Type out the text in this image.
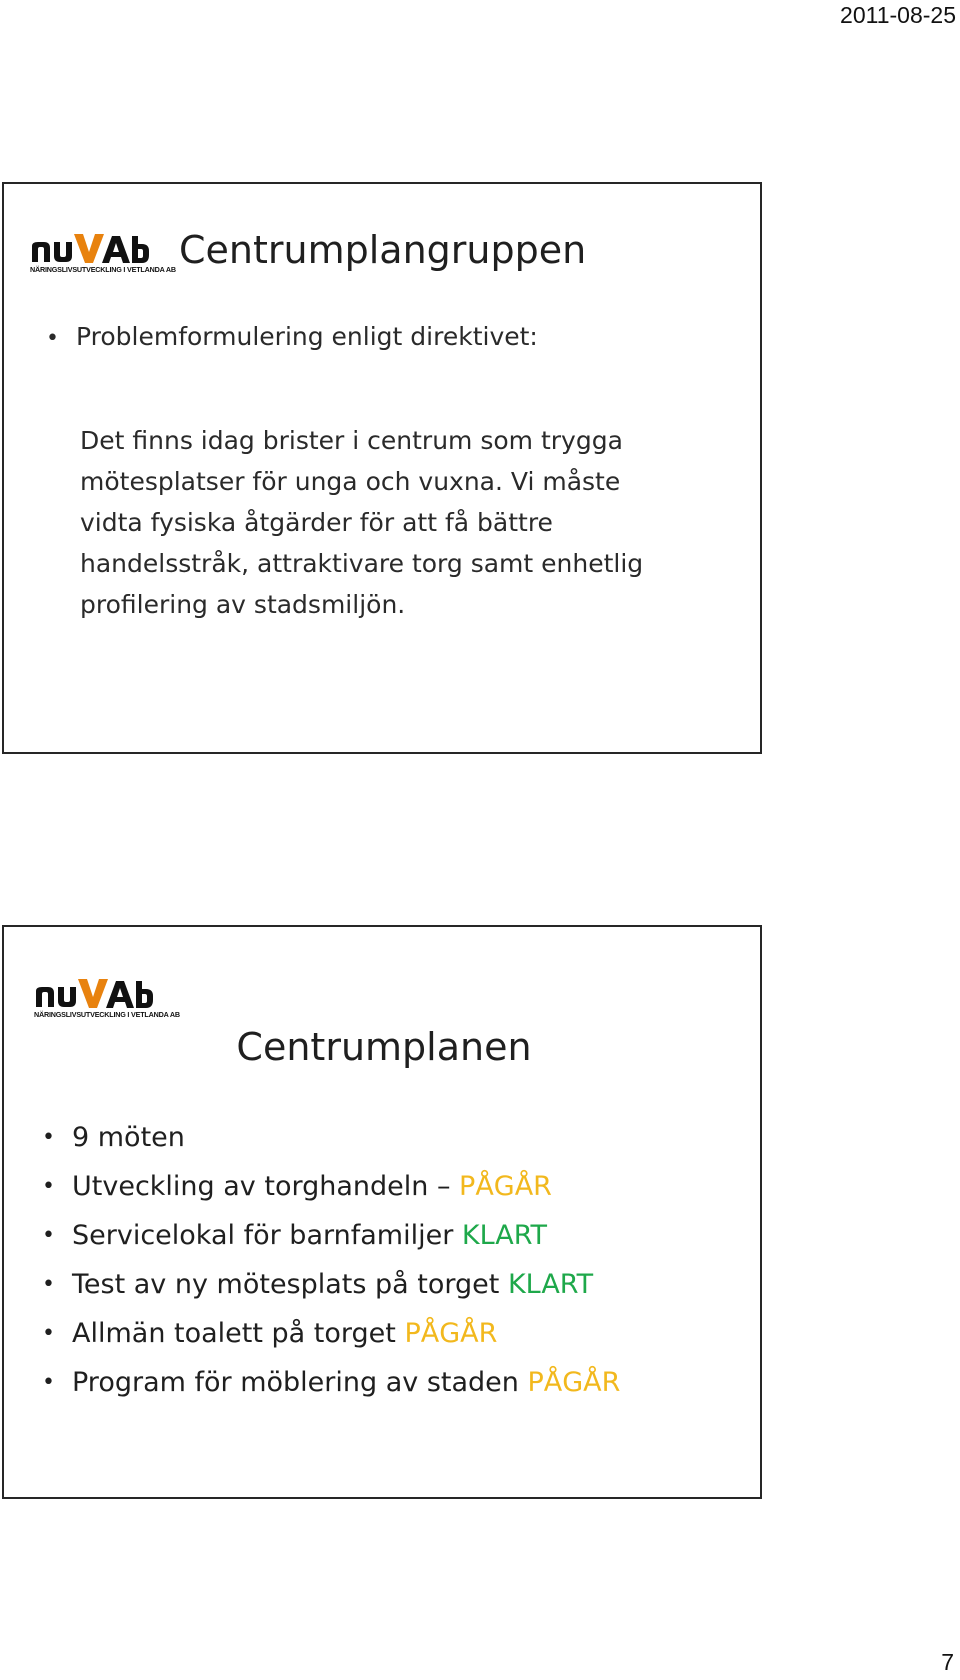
2011-08-25
NÄRINGSLIVSUTVECKLING I VETLANDA AB Centrumplangruppen
• Problemformulering enligt direktivet:
Det finns idag brister i centrum som trygga
mötesplatser för unga och vuxna. Vi måste
vidta fysiska åtgärder för att få bättre
handelsstråk, attraktivare torg samt enhetlig
profilering av stadsmiljön.
NÄRINGSLIVSUTVECKLING I VETLANDA AB
Centrumplanen
• 9 möten
• Utveckling av torghandeln – PÅGÅR
• Servicelokal för barnfamiljer KLART
• Test av ny mötesplats på torget KLART
• Allmän toalett på torget PÅGÅR
• Program för möblering av staden PÅGÅR
7
